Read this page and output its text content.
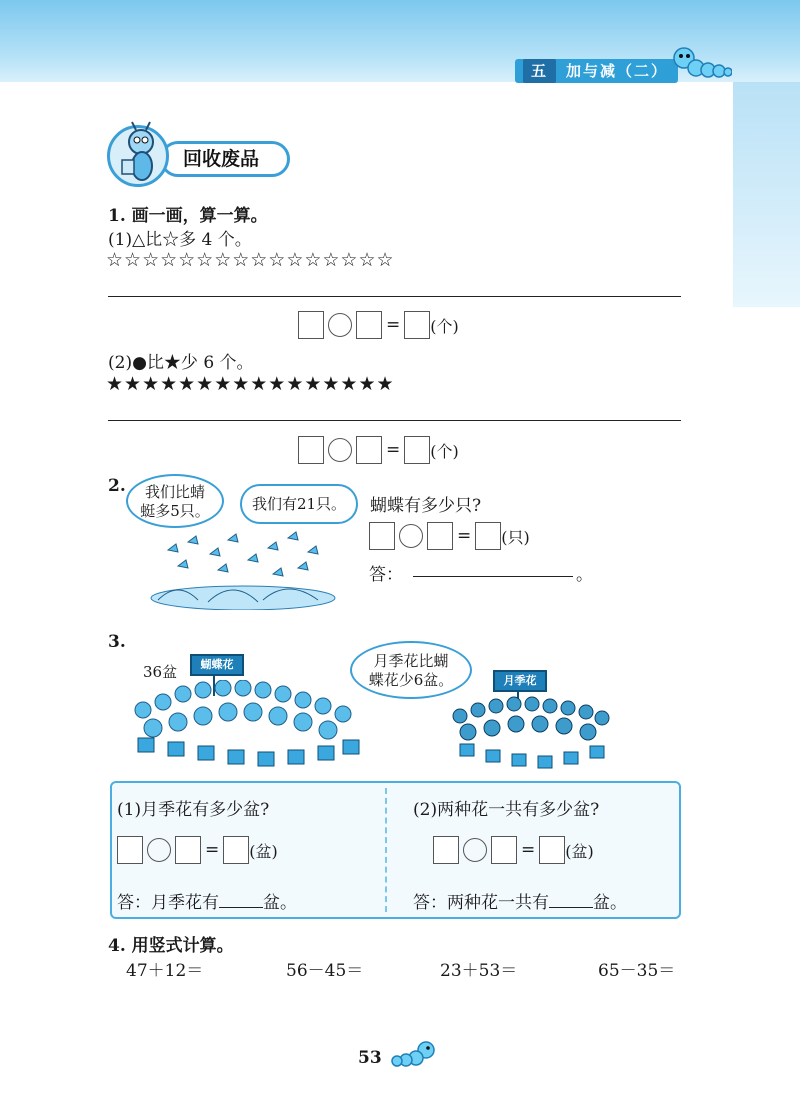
五 加与减（二）
回收废品
1. 画一画，算一算。
(1)△比☆多 4 个。
☆☆☆☆☆☆☆☆☆☆☆☆☆☆☆☆
= (个)
(2)●比★少 6 个。
★★★★★★★★★★★★★★★★
= (个)
2.	我们比蜻
蜓多5只。	我们有21只。	蝴蝶有多少只?
= (只)
答：	。
3.
36盆	蝴蝶花	月季花比蝴
蝶花少6盆。	月季花
(1)月季花有多少盆?
= (盆)
答：月季花有	盆。
(2)两种花一共有多少盆?
= (盆)
答：两种花一共有	盆。
4. 用竖式计算。
47＋12＝	56－45＝	23＋53＝	65－35＝
53
